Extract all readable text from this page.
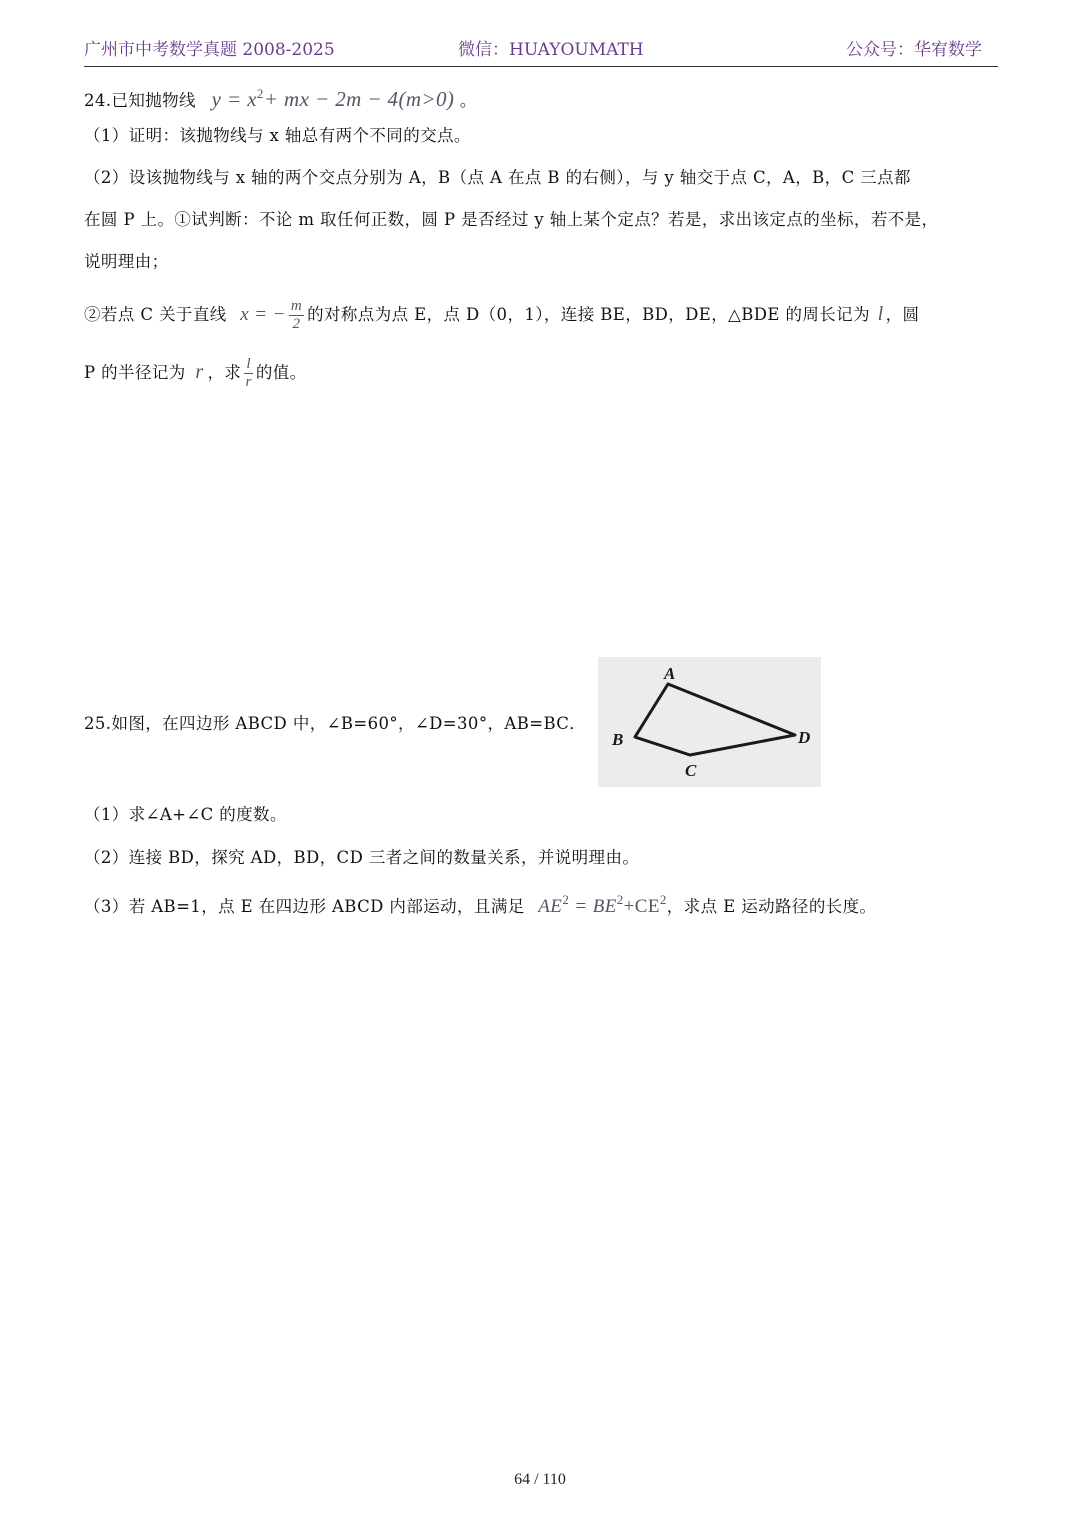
广州市中考数学真题 2008-2025	微信：HUAYOUMATH	公众号：华宥数学
24.已知抛物线 $y = x^2+$ mx − 2m − 4(m>0) 。
（1）证明：该抛物线与 x 轴总有两个不同的交点。
（2）设该抛物线与 x 轴的两个交点分别为 A，B（点 A 在点 B 的右侧），与 y 轴交于点 C，A，B，C 三点都
在圆 P 上。①试判断：不论 m 取任何正数，圆 P 是否经过 y 轴上某个定点？若是，求出该定点的坐标，若不是，
说明理由；
②若点 C 关于直线 x = − $\frac{m}{2}$ 的对称点为点 E，点 D（0，1），连接 BE，BD，DE，△BDE 的周长记为 l ，圆
P 的半径记为 r ，求 $\frac{l}{r}$ 的值。
25.如图，在四边形 ABCD 中，∠B=60°，∠D=30°，AB=BC．
A
B
C
D
（1）求∠A+∠C 的度数。
（2）连接 BD，探究 AD，BD，CD 三者之间的数量关系，并说明理由。
（3）若 AB=1，点 E 在四边形 ABCD 内部运动，且满足 $AE^2 = BE^2+CE^2$，求点 E 运动路径的长度。
64 / 110
